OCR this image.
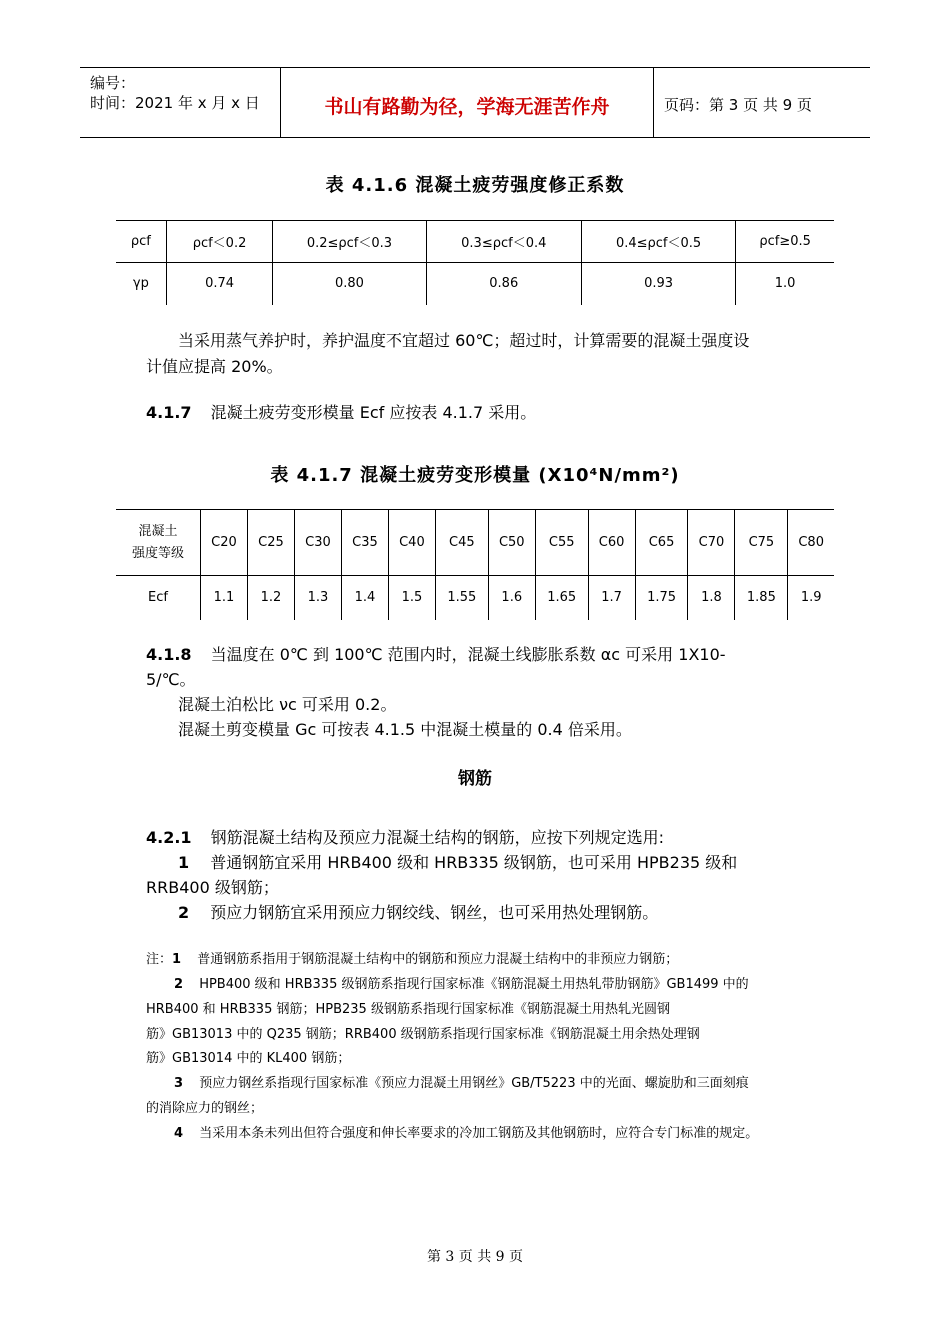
编号：
时间：2021 年 x 月 x 日	书山有路勤为径，学海无涯苦作舟	页码：第 3 页 共 9 页
表 4.1.6 混凝土疲劳强度修正系数
ρcf	ρcf＜0.2	0.2≤ρcf＜0.3	0.3≤ρcf＜0.4	0.4≤ρcf＜0.5	ρcf≥0.5
γp	0.74	0.80	0.86	0.93	1.0
当采用蒸气养护时，养护温度不宜超过 60℃；超过时，计算需要的混凝土强度设
计值应提高 20%。
4.1.7 混凝土疲劳变形模量 Ecf 应按表 4.1.7 采用。
表 4.1.7 混凝土疲劳变形模量 (X10⁴N/mm²)
混凝土
强度等级	C20	C25	C30	C35	C40	C45	C50	C55	C60	C65	C70	C75	C80
Ecf	1.1	1.2	1.3	1.4	1.5	1.55	1.6	1.65	1.7	1.75	1.8	1.85	1.9
4.1.8 当温度在 0℃ 到 100℃ 范围内时，混凝土线膨胀系数 αc 可采用 1X10-
5/℃。
混凝土泊松比 νc 可采用 0.2。
混凝土剪变模量 Gc 可按表 4.1.5 中混凝土模量的 0.4 倍采用。
钢筋
4.2.1 钢筋混凝土结构及预应力混凝土结构的钢筋，应按下列规定选用:
1 普通钢筋宜采用 HRB400 级和 HRB335 级钢筋，也可采用 HPB235 级和
RRB400 级钢筋；
2 预应力钢筋宜采用预应力钢绞线、钢丝，也可采用热处理钢筋。
注：1 普通钢筋系指用于钢筋混凝土结构中的钢筋和预应力混凝土结构中的非预应力钢筋；
2 HPB400 级和 HRB335 级钢筋系指现行国家标准《钢筋混凝土用热轧带肋钢筋》GB1499 中的
HRB400 和 HRB335 钢筋；HPB235 级钢筋系指现行国家标准《钢筋混凝土用热轧光圆钢
筋》GB13013 中的 Q235 钢筋；RRB400 级钢筋系指现行国家标准《钢筋混凝土用余热处理钢
筋》GB13014 中的 KL400 钢筋；
3 预应力钢丝系指现行国家标准《预应力混凝土用钢丝》GB/T5223 中的光面、螺旋肋和三面刻痕
的消除应力的钢丝；
4 当采用本条未列出但符合强度和伸长率要求的冷加工钢筋及其他钢筋时，应符合专门标准的规定。
第 3 页 共 9 页
